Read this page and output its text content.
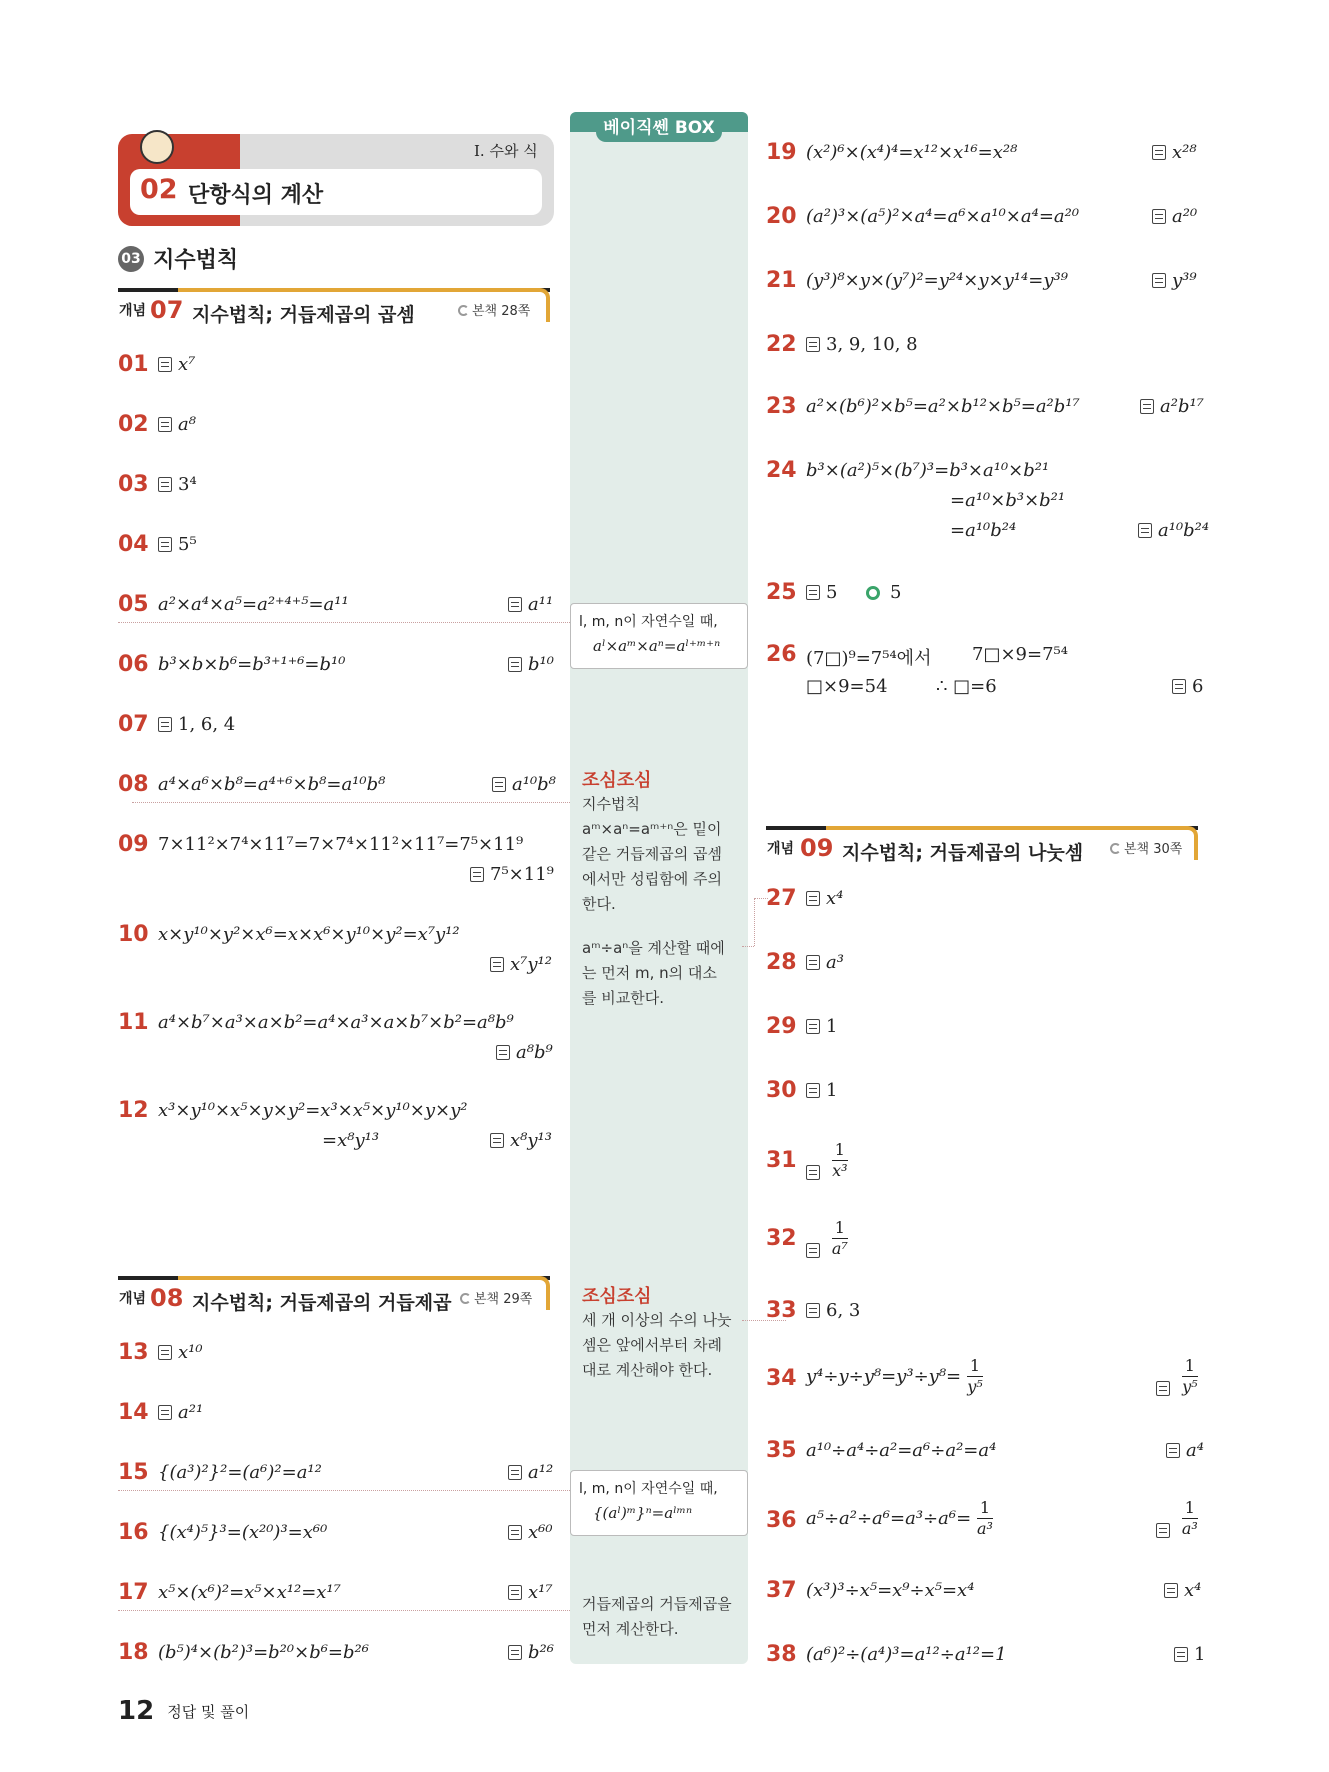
I. 수와 식
02 단항식의 계산
03 지수법칙
개념 07 지수법칙; 거듭제곱의 곱셈	본책 28쪽
01	x⁷
02	a⁸
03	3⁴
04	5⁵
05 a²×a⁴×a⁵=a²⁺⁴⁺⁵=a¹¹	a¹¹
06 b³×b×b⁶=b³⁺¹⁺⁶=b¹⁰	b¹⁰
07	1, 6, 4
08 a⁴×a⁶×b⁸=a⁴⁺⁶×b⁸=a¹⁰b⁸	a¹⁰b⁸
09 7×11²×7⁴×11⁷=7×7⁴×11²×11⁷=7⁵×11⁹
7⁵×11⁹
10 x×y¹⁰×y²×x⁶=x×x⁶×y¹⁰×y²=x⁷y¹²
x⁷y¹²
11 a⁴×b⁷×a³×a×b²=a⁴×a³×a×b⁷×b²=a⁸b⁹
a⁸b⁹
12 x³×y¹⁰×x⁵×y×y²=x³×x⁵×y¹⁰×y×y²
=x⁸y¹³	x⁸y¹³
개념 08 지수법칙; 거듭제곱의 거듭제곱	본책 29쪽
13	x¹⁰
14	a²¹
15 {(a³)²}²=(a⁶)²=a¹²	a¹²
16 {(x⁴)⁵}³=(x²⁰)³=x⁶⁰	x⁶⁰
17 x⁵×(x⁶)²=x⁵×x¹²=x¹⁷	x¹⁷
18 (b⁵)⁴×(b²)³=b²⁰×b⁶=b²⁶	b²⁶
베이직쎈 BOX
l, m, n이 자연수일 때,
aˡ×aᵐ×aⁿ=aˡ⁺ᵐ⁺ⁿ
조심조심
지수법칙
aᵐ×aⁿ=aᵐ⁺ⁿ은 밑이
같은 거듭제곱의 곱셈
에서만 성립함에 주의
한다.
aᵐ÷aⁿ을 계산할 때에
는 먼저 m, n의 대소
를 비교한다.
조심조심
세 개 이상의 수의 나눗
셈은 앞에서부터 차례
대로 계산해야 한다.
l, m, n이 자연수일 때,
{(aˡ)ᵐ}ⁿ=aˡᵐⁿ
거듭제곱의 거듭제곱을
먼저 계산한다.
19 (x²)⁶×(x⁴)⁴=x¹²×x¹⁶=x²⁸	x²⁸
20 (a²)³×(a⁵)²×a⁴=a⁶×a¹⁰×a⁴=a²⁰	a²⁰
21 (y³)⁸×y×(y⁷)²=y²⁴×y×y¹⁴=y³⁹	y³⁹
22	3, 9, 10, 8
23 a²×(b⁶)²×b⁵=a²×b¹²×b⁵=a²b¹⁷	a²b¹⁷
24 b³×(a²)⁵×(b⁷)³=b³×a¹⁰×b²¹
=a¹⁰×b³×b²¹
=a¹⁰b²⁴	a¹⁰b²⁴
25	5	5
26 (7□)⁹=7⁵⁴에서 7□×9=7⁵⁴
□×9=54	∴ □=6	6
개념 09 지수법칙; 거듭제곱의 나눗셈	본책 30쪽
27	x⁴
28	a³
29	1
30	1
31
$\frac{1}{\text{x³}}$
32
$\frac{1}{\text{a⁷}}$
33	6, 3
34 $y^4\div y\div y^8=y^3\div y^8= \frac{1}{\text{y⁵}}$
	$\frac{1}{\text{y⁵}}$
35 a¹⁰÷a⁴÷a²=a⁶÷a²=a⁴	a⁴
36 $a^5\div a^2\div a^6=a^3\div a^6= \frac{1}{\text{a³}}$
	$\frac{1}{\text{a³}}$
37 (x³)³÷x⁵=x⁹÷x⁵=x⁴	x⁴
38 (a⁶)²÷(a⁴)³=a¹²÷a¹²=1	1
12 정답 및 풀이
